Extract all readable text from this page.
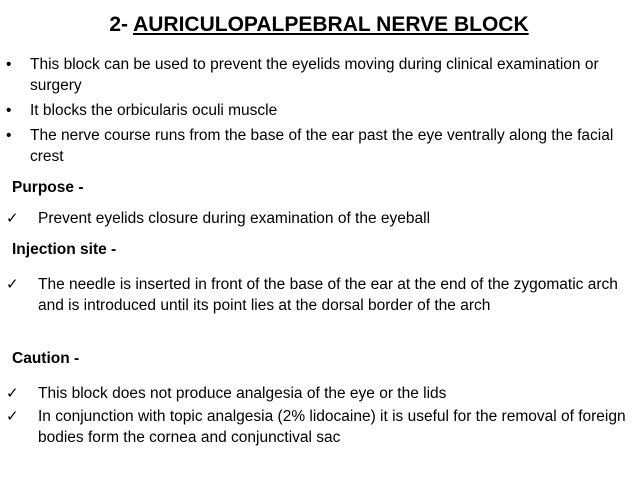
2- AURICULOPALPEBRAL NERVE BLOCK
• This block can be used to prevent the eyelids moving during clinical examination or surgery
• It blocks the orbicularis oculi muscle
• The nerve course runs from the base of the ear past the eye ventrally along the facial crest
Purpose -
✓ Prevent eyelids closure during examination of the eyeball
Injection site -
✓ The needle is inserted in front of the base of the ear at the end of the zygomatic arch and is introduced until its point lies at the dorsal border of the arch
Caution -
✓ This block does not produce analgesia of the eye or the lids
✓ In conjunction with topic analgesia (2% lidocaine) it is useful for the removal of foreign bodies form the cornea and conjunctival sac
